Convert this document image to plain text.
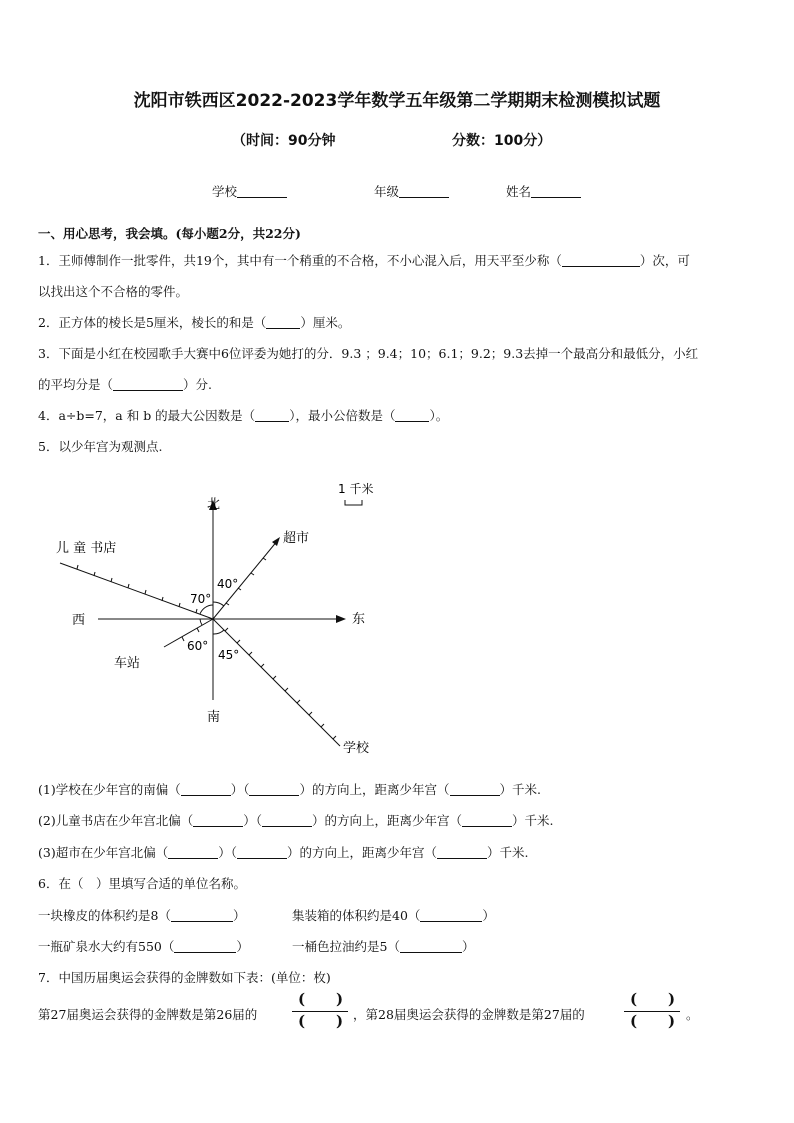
沈阳市铁西区2022-2023学年数学五年级第二学期期末检测模拟试题
（时间：90分钟	分数：100分）
学校	年级	姓名
一、用心思考，我会填。(每小题2分，共22分)
1．王师傅制作一批零件，共19个，其中有一个稍重的不合格，不小心混入后，用天平至少称（	）次，可
以找出这个不合格的零件。
2．正方体的棱长是5厘米，棱长的和是（	）厘米。
3．下面是小红在校园歌手大赛中6位评委为她打的分．9.3 ；9.4；10；6.1；9.2；9.3去掉一个最高分和最低分，小红
的平均分是（	）分.
4．a÷b=7，a 和 b 的最大公因数是（	），最小公倍数是（	）。
5．以少年宫为观测点.
1 千米
北
南
东
西
儿 童 书店
超市
车站
学校
40°
70°
60°
45°
(1)学校在少年宫的南偏（	）（	）的方向上，距离少年宫（	）千米.
(2)儿童书店在少年宫北偏（	）（	）的方向上，距离少年宫（	）千米.
(3)超市在少年宫北偏（	）（	）的方向上，距离少年宫（	）千米.
6．在（　）里填写合适的单位名称。
一块橡皮的体积约是8（	）	集装箱的体积约是40（	）
一瓶矿泉水大约有550（	）	一桶色拉油约是5（	）
7．中国历届奥运会获得的金牌数如下表：(单位：枚)
第27届奥运会获得的金牌数是第26届的
( )
( ) ，第28届奥运会获得的金牌数是第27届的
( )
( ) 。
